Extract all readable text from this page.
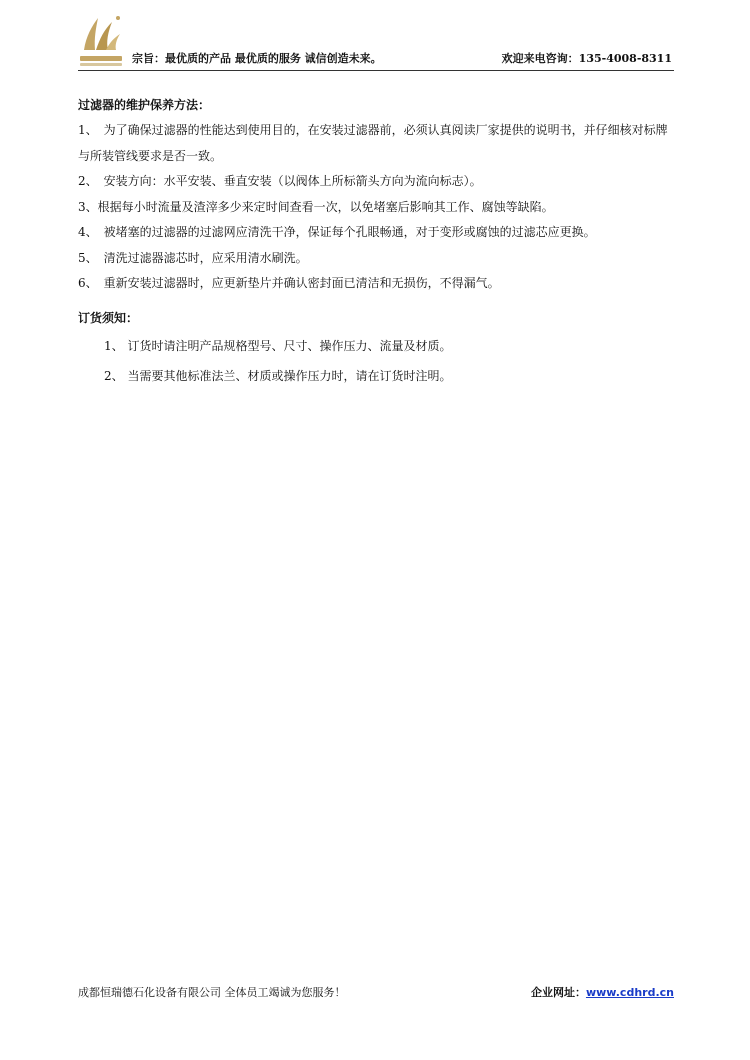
宗旨：最优质的产品 最优质的服务 诚信创造未来。	欢迎来电咨询：135-4008-8311

过滤器的维护保养方法：

1、　为了确保过滤器的性能达到使用目的，在安装过滤器前，必须认真阅读厂家提供的说明书，并仔细核对标牌与所装管线要求是否一致。

2、　安装方向：水平安装、垂直安装（以阀体上所标箭头方向为流向标志）。

3、根据每小时流量及渣滓多少来定时间查看一次，以免堵塞后影响其工作、腐蚀等缺陷。

4、　被堵塞的过滤器的过滤网应清洗干净，保证每个孔眼畅通，对于变形或腐蚀的过滤芯应更换。

5、　清洗过滤器滤芯时，应采用清水刷洗。

6、　重新安装过滤器时，应更新垫片并确认密封面已清洁和无损伤，不得漏气。

订货须知：

1、 订货时请注明产品规格型号、尺寸、操作压力、流量及材质。

2、 当需要其他标准法兰、材质或操作压力时，请在订货时注明。

成都恒瑞德石化设备有限公司 全体员工竭诚为您服务！	企业网址：www.cdhrd.cn
